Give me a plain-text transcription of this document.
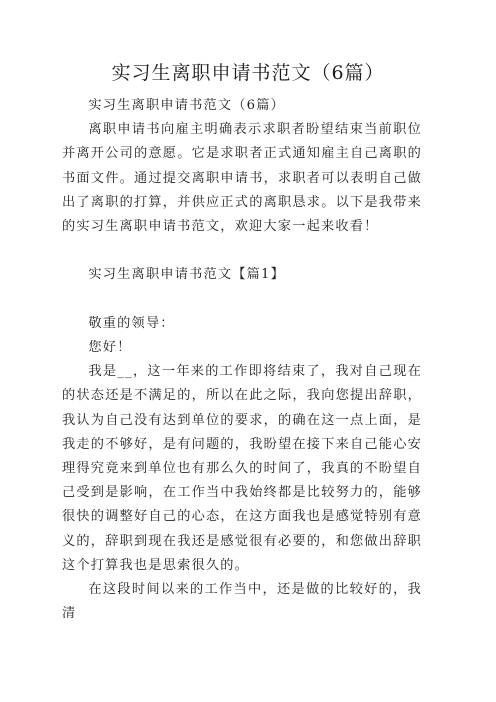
实习生离职申请书范文（6篇）

实习生离职申请书范文（6篇）

离职申请书向雇主明确表示求职者盼望结束当前职位并离开公司的意愿。它是求职者正式通知雇主自己离职的书面文件。通过提交离职申请书，求职者可以表明自己做出了离职的打算，并供应正式的离职恳求。以下是我带来的实习生离职申请书范文，欢迎大家一起来收看！

实习生离职申请书范文【篇1】

敬重的领导：

您好！

我是__，这一年来的工作即将结束了，我对自己现在的状态还是不满足的，所以在此之际，我向您提出辞职，我认为自己没有达到单位的要求，的确在这一点上面，是我走的不够好，是有问题的，我盼望在接下来自己能心安理得究竟来到单位也有那么久的时间了，我真的不盼望自己受到是影响，在工作当中我始终都是比较努力的，能够很快的调整好自己的心态，在这方面我也是感觉特别有意义的，辞职到现在我还是感觉很有必要的，和您做出辞职这个打算我也是思索很久的。

在这段时间以来的工作当中，还是做的比较好的，我清
